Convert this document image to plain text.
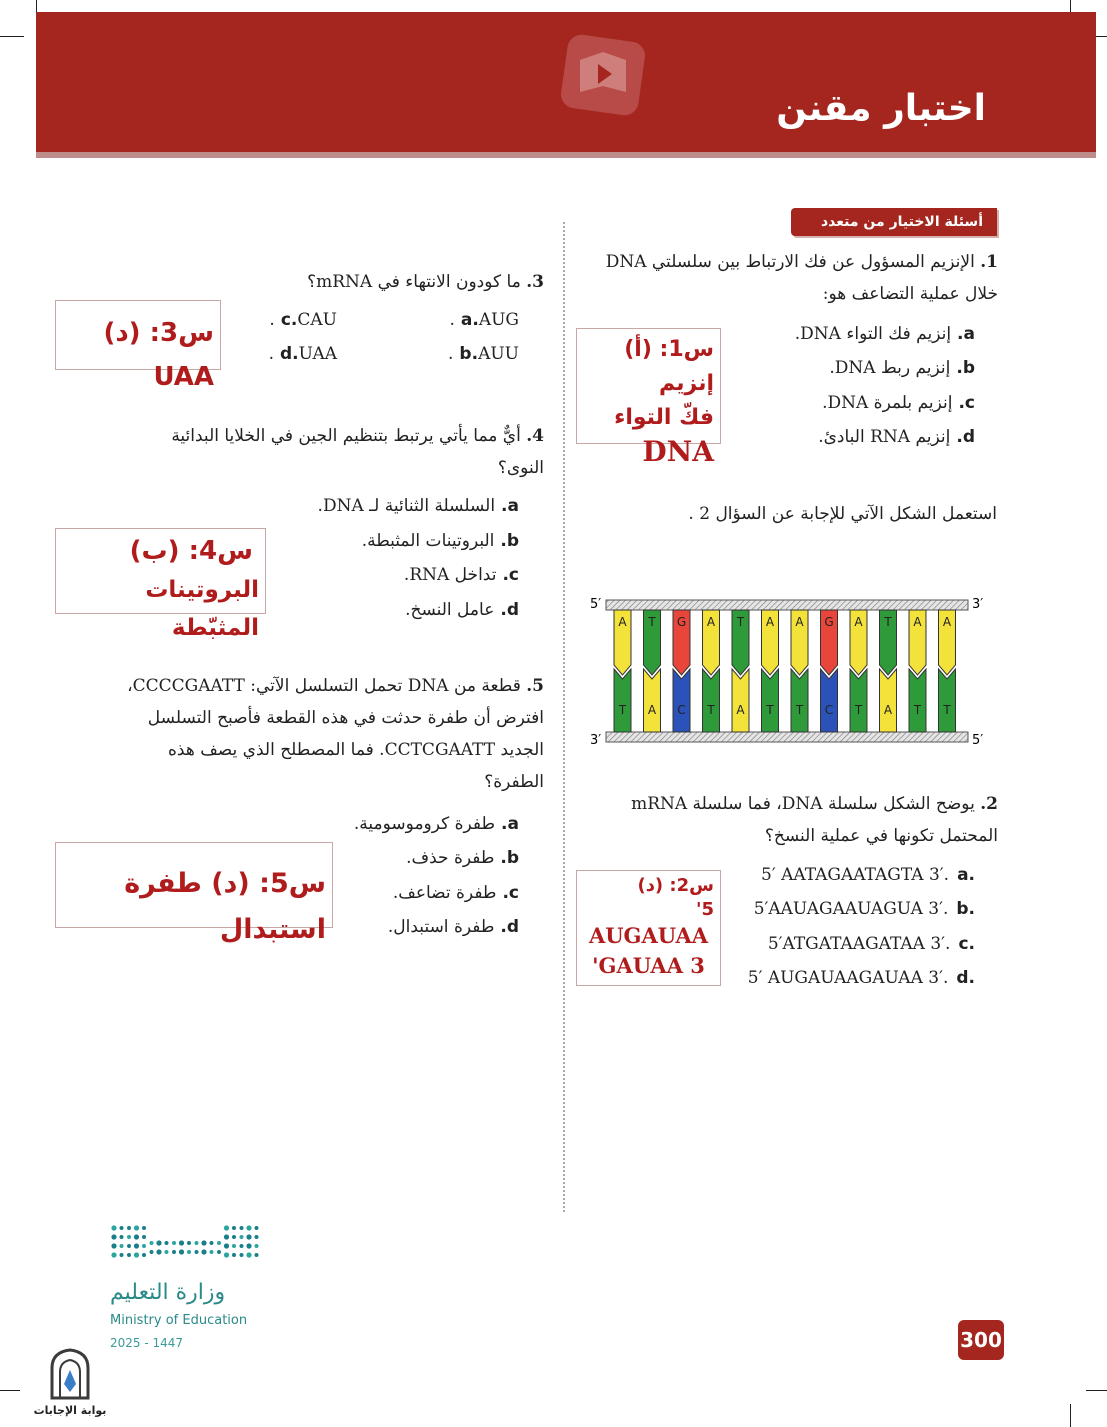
اختبار مقنن
أسئلة الاختيار من متعدد
1. الإنزيم المسؤول عن فك الارتباط بين سلسلتي DNA خلال عملية التضاعف هو:
a.إنزيم فك التواء DNA.
b.إنزيم ربط DNA.
c.إنزيم بلمرة DNA.
d.إنزيم RNA البادئ.
س1: (أ) إنزيم
فكّ التواء
DNA
استعمل الشكل الآتي للإجابة عن السؤال 2 .
5′	3′
3′	5′
A
T
T
A
G
C
A
T
T
A
A
T
A
T
G
C
A
T
T
A
A
T
A
T
2. يوضح الشكل سلسلة DNA، فما سلسلة mRNA المحتمل تكونها في عملية النسخ؟
5′ AATAGAATAGTA 3′. a.
5′AAUAGAAUAGUA 3′. b.
5′ATGATAAGATAA 3′. c.
5′ AUGAUAAGAUAA 3′. d.
س2: (د)
5'
AUGAUAA
GAUAA 3'
3. ما كودون الانتهاء في mRNA؟
a.AUG.
b.AUU.
c.CAU.
d.UAA.
س3: (د) UAA
4. أيٌّ مما يأتي يرتبط بتنظيم الجين في الخلايا البدائية النوى؟
a.السلسلة الثنائية لـ DNA.
b.البروتينات المثبطة.
c.تداخل RNA.
d.عامل النسخ.
س4: (ب)
البروتينات المثبّطة
5. قطعة من DNA تحمل التسلسل الآتي: CCCCGAATT، افترض أن طفرة حدثت في هذه القطعة فأصبح التسلسل الجديد CCTCGAATT. فما المصطلح الذي يصف هذه الطفرة؟
a.طفرة كروموسومية.
b.طفرة حذف.
c.طفرة تضاعف.
d.طفرة استبدال.
س5: (د) طفرة استبدال
300
وزارة التعليم
Ministry of Education
2025 - 1447
بوابة الإجابات
